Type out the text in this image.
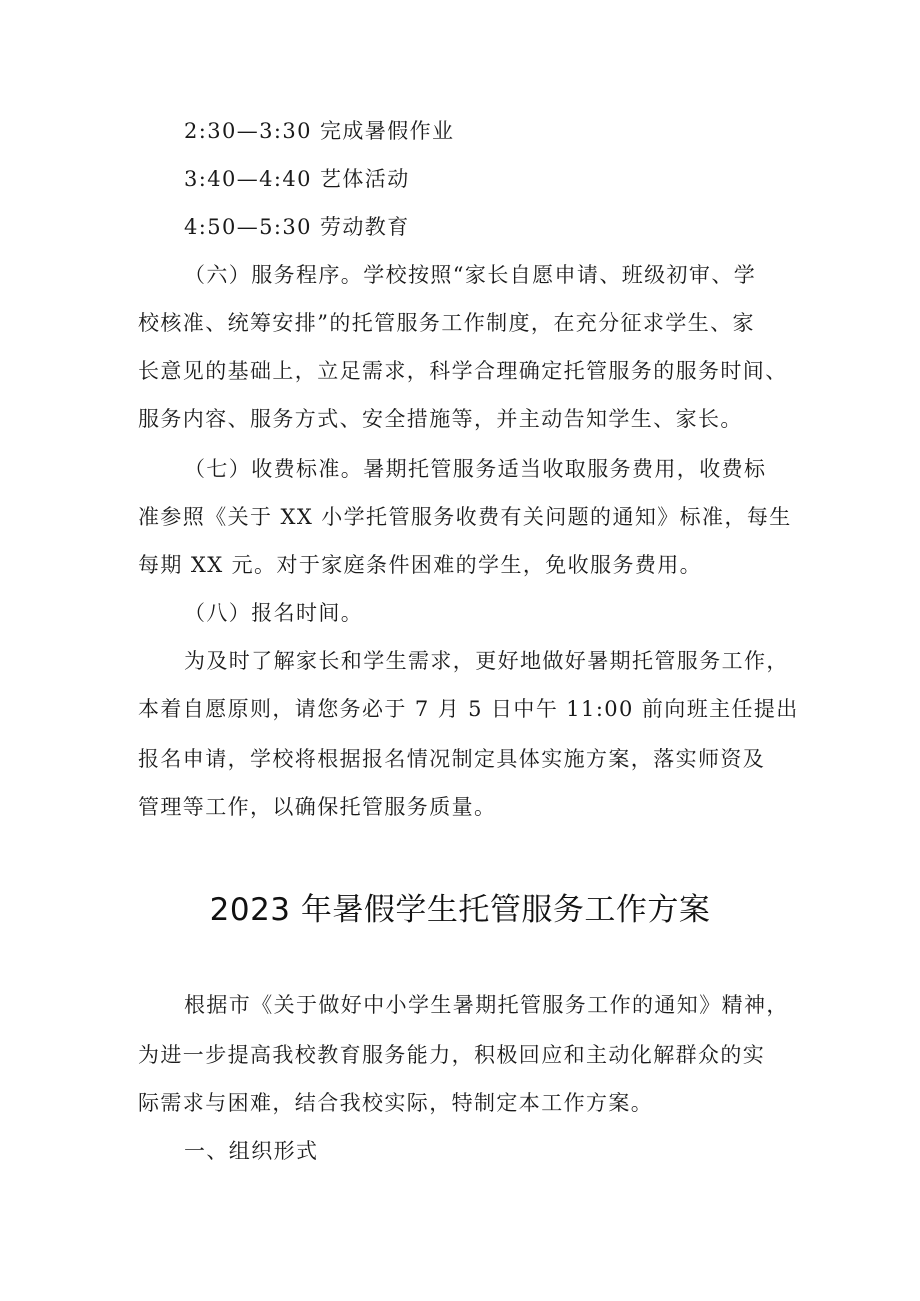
2:30—3:30 完成暑假作业
3:40—4:40 艺体活动
4:50—5:30 劳动教育
（六）服务程序。学校按照“家长自愿申请、班级初审、学
校核准、统筹安排”的托管服务工作制度，在充分征求学生、家
长意见的基础上，立足需求，科学合理确定托管服务的服务时间、
服务内容、服务方式、安全措施等，并主动告知学生、家长。
（七）收费标准。暑期托管服务适当收取服务费用，收费标
准参照《关于 XX 小学托管服务收费有关问题的通知》标准，每生
每期 XX 元。对于家庭条件困难的学生，免收服务费用。
（八）报名时间。
为及时了解家长和学生需求，更好地做好暑期托管服务工作，
本着自愿原则，请您务必于 7 月 5 日中午 11:00 前向班主任提出
报名申请，学校将根据报名情况制定具体实施方案，落实师资及
管理等工作，以确保托管服务质量。
2023 年暑假学生托管服务工作方案
根据市《关于做好中小学生暑期托管服务工作的通知》精神，
为进一步提高我校教育服务能力，积极回应和主动化解群众的实
际需求与困难，结合我校实际，特制定本工作方案。
一、组织形式
